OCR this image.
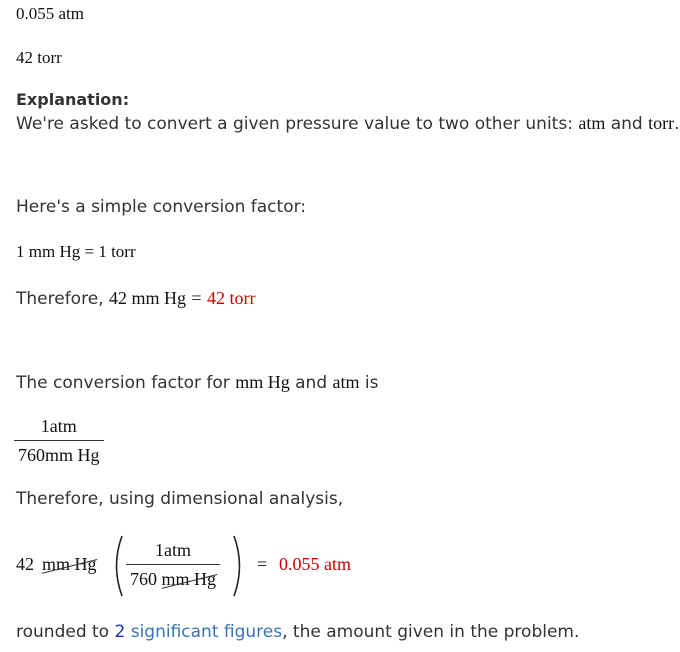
0.055 atm
42 torr
Explanation:
We're asked to convert a given pressure value to two other units: atm and torr.
Here's a simple conversion factor:
1 mm Hg = 1 torr
Therefore, 42 mm Hg = 42 torr
The conversion factor for mm Hg and atm is
$\frac{\text{1atm}}{\text{760mm Hg}}$
Therefore, using dimensional analysis,
42 mm Hg $\frac{\text{1atm}}{\text{760 mm Hg}} = 0.055$ atm
rounded to 2 significant figures, the amount given in the problem.
